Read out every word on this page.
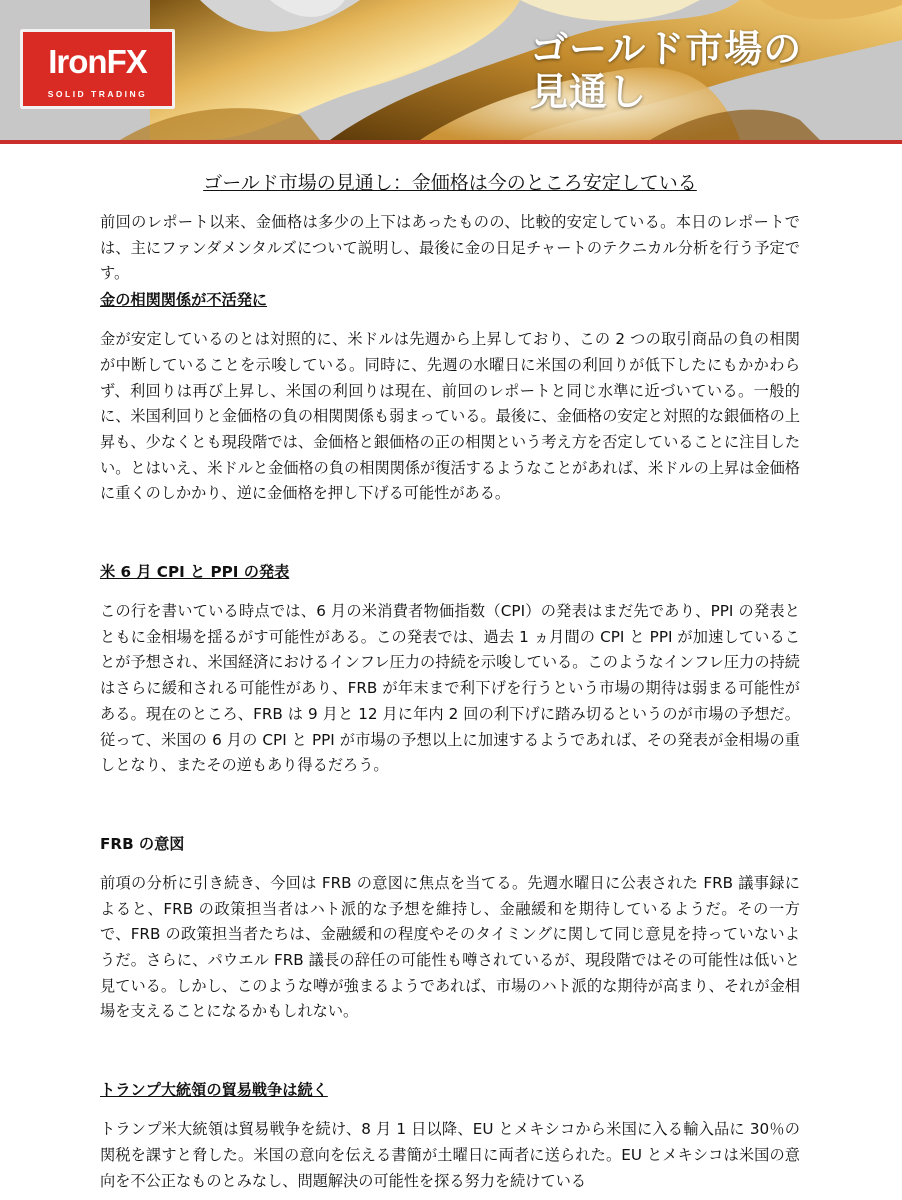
IronFX
SOLID TRADING
ゴールド市場の
見通し
ゴールド市場の見通し：金価格は今のところ安定している

前回のレポート以来、金価格は多少の上下はあったものの、比較的安定している。本日のレポートでは、主にファンダメンタルズについて説明し、最後に金の日足チャートのテクニカル分析を行う予定です。

金の相関関係が不活発に

金が安定しているのとは対照的に、米ドルは先週から上昇しており、この 2 つの取引商品の負の相関が中断していることを示唆している。同時に、先週の水曜日に米国の利回りが低下したにもかかわらず、利回りは再び上昇し、米国の利回りは現在、前回のレポートと同じ水準に近づいている。一般的に、米国利回りと金価格の負の相関関係も弱まっている。最後に、金価格の安定と対照的な銀価格の上昇も、少なくとも現段階では、金価格と銀価格の正の相関という考え方を否定していることに注目したい。とはいえ、米ドルと金価格の負の相関関係が復活するようなことがあれば、米ドルの上昇は金価格に重くのしかかり、逆に金価格を押し下げる可能性がある。

米 6 月 CPI と PPI の発表

この行を書いている時点では、6 月の米消費者物価指数（CPI）の発表はまだ先であり、PPI の発表とともに金相場を揺るがす可能性がある。この発表では、過去 1 ヵ月間の CPI と PPI が加速していることが予想され、米国経済におけるインフレ圧力の持続を示唆している。このようなインフレ圧力の持続はさらに緩和される可能性があり、FRB が年末まで利下げを行うという市場の期待は弱まる可能性がある。現在のところ、FRB は 9 月と 12 月に年内 2 回の利下げに踏み切るというのが市場の予想だ。従って、米国の 6 月の CPI と PPI が市場の予想以上に加速するようであれば、その発表が金相場の重しとなり、またその逆もあり得るだろう。

FRB の意図

前項の分析に引き続き、今回は FRB の意図に焦点を当てる。先週水曜日に公表された FRB 議事録によると、FRB の政策担当者はハト派的な予想を維持し、金融緩和を期待しているようだ。その一方で、FRB の政策担当者たちは、金融緩和の程度やそのタイミングに関して同じ意見を持っていないようだ。さらに、パウエル FRB 議長の辞任の可能性も噂されているが、現段階ではその可能性は低いと見ている。しかし、このような噂が強まるようであれば、市場のハト派的な期待が高まり、それが金相場を支えることになるかもしれない。

トランプ大統領の貿易戦争は続く

トランプ米大統領は貿易戦争を続け、8 月 1 日以降、EU とメキシコから米国に入る輸入品に 30％の関税を課すと脅した。米国の意向を伝える書簡が土曜日に両者に送られた。EU とメキシコは米国の意向を不公正なものとみなし、問題解決の可能性を探る努力を続けている
